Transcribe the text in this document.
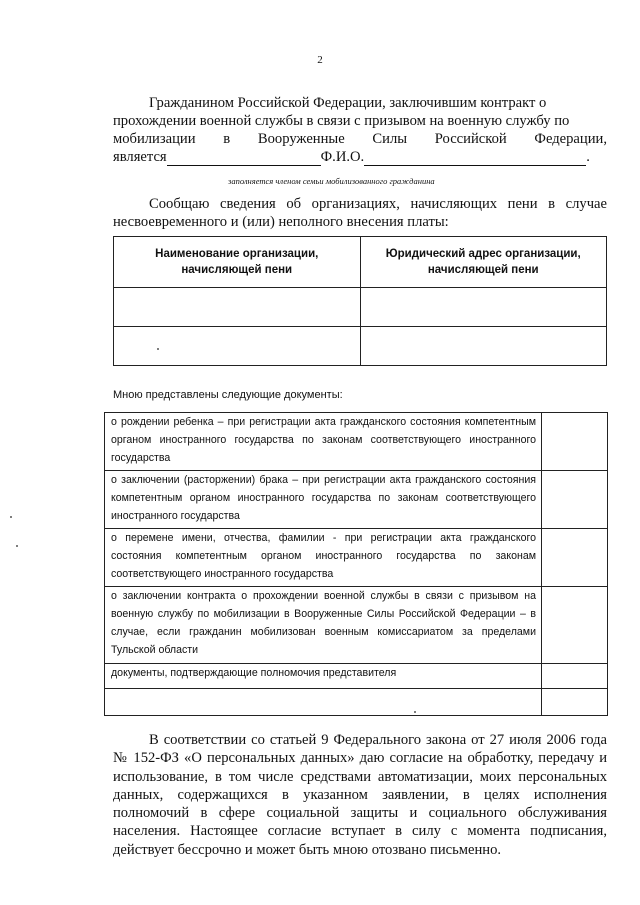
2

Гражданином Российской Федерации, заключившим контракт о

прохождении военной службы в связи с призывом на военную службу по

мобилизации в Вооруженные Силы Российской Федерации,
является	Ф.И.О.	.
заполняется членом семьи мобилизованного гражданина
Сообщаю сведения об организациях, начисляющих пени в случае несвоевременного и (или) неполного внесения платы:
Наименование организации, начисляющей пени	Юридический адрес организации, начисляющей пени

Мною представлены следующие документы:
о рождении ребенка – при регистрации акта гражданского состояния компетентным органом иностранного государства по законам соответствующего иностранного государства	
о заключении (расторжении) брака – при регистрации акта гражданского состояния компетентным органом иностранного государства по законам соответствующего иностранного государства	
о перемене имени, отчества, фамилии - при регистрации акта гражданского состояния компетентным органом иностранного государства по законам соответствующего иностранного государства	
о заключении контракта о прохождении военной службы в связи с призывом на военную службу по мобилизации в Вооруженные Силы Российской Федерации – в случае, если гражданин мобилизован военным комиссариатом за пределами Тульской области	
документы, подтверждающие полномочия представителя	

В соответствии со статьей 9 Федерального закона от 27 июля 2006 года № 152-ФЗ «О персональных данных» даю согласие на обработку, передачу и использование, в том числе средствами автоматизации, моих персональных данных, содержащихся в указанном заявлении, в целях исполнения полномочий в сфере социальной защиты и социального обслуживания населения. Настоящее согласие вступает в силу с момента подписания, действует бессрочно и может быть мною отозвано письменно.
